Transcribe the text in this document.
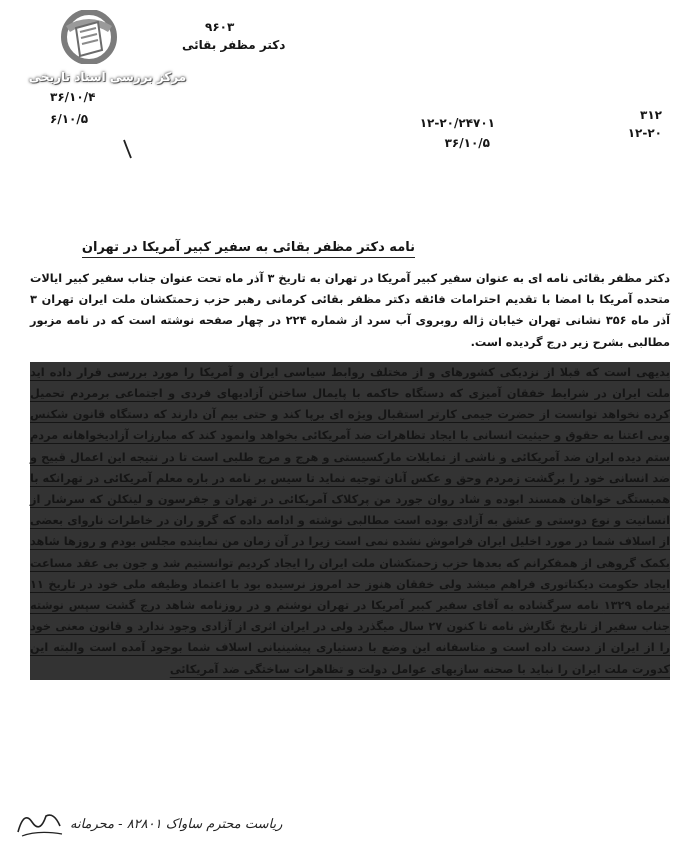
مرکز بررسی اسناد تاریخی
۹۶۰۳
دکتر مظفر بقائی
۳۶/۱۰/۴
۶/۱۰/۵	۳۱۲
۱۲-۲۰
۱۲-۲۰/۲۴۷۰۱
۳۶/۱۰/۵
نامه دکتر مظفر بقائی به سفیر کبیر آمریکا در تهران

دکتر مظفر بقائی نامه ای به عنوان سفیر کبیر آمریکا در تهران به تاریخ ۳ آذر ماه تحت عنوان جناب سفیر کبیر ایالات متحده آمریکا با امضا با تقدیم احترامات فائقه دکتر مظفر بقائی کرمانی رهبر حزب زحمتکشان ملت ایران تهران ۳ آذر ماه ۳۵۶ نشانی تهران خیابان ژاله روبروی آب سرد از شماره ۲۲۴ در چهار صفحه نوشته است که در نامه مزبور مطالبی بشرح زیر درج گردیده است.

بدیهی است که قبلا از نزدیکی کشورهای و از مختلف روابط سیاسی ایران و آمریکا را مورد بررسی قرار داده اید ملت ایران در شرایط خفقان آمیزی که دستگاه حاکمه با پایمال ساختن آزادیهای فردی و اجتماعی برمردم تحمیل کرده نخواهد توانست از حضرت جیمی کارتر استقبال ویژه ای برپا کند و حتی بیم آن دارند که دستگاه قانون شکنس وبی اعتنا به حقوق و حیثیت انسانی با ایجاد تظاهرات ضد آمریکائی بخواهد وانمود کند که مبارزات آزادیخواهانه مردم ستم دیده ایران ضد آمریکائی و ناشی از تمایلات مارکسیستی و هرج و مرج طلبی است تا در نتیجه این اعمال قبیح و ضد انسانی خود را برگشت زمردم وحق و عکس آنان توجیه نماید تا سیس بر نامه در باره معلم آمریکائی در تهرانکه با همبستگی خواهان همسند ابوده و شاد روان جورد من پرکلاک آمریکائی در تهران و جفرسون و لینکلن که سرشار از انسانیت و نوع دوستی و عشق به آزادی بوده است مطالبی نوشته و ادامه داده که گرو ران در خاطرات ناروای بعضی از اسلاف شما در مورد اخلیل ایران فراموش نشده نمی است زیرا در آن زمان من نماینده مجلس بودم و روزها شاهد بکمک گروهی از همفکرانم که بعدها حزب زحمتکشان ملت ایران را ایجاد کردیم توانستیم شد و جون بی عقد مساعت ایجاد حکومت دیکتاتوری فراهم میشد ولی خفقان هنوز حد امروز نرسیده بود با اعتماد وظیفه ملی خود در تاریخ ۱۱ تیرماه ۱۳۲۹ نامه سرگشاده به آقای سفیر کبیر آمریکا در تهران نوشتم و در روزنامه شاهد درج گشت سپس نوشته جناب سفیر از تاریخ نگارش نامه تا کنون ۲۷ سال میگذرد ولی در ایران اثری از آزادی وجود ندارد و قانون معنی خود را از ایران از دست داده است و متاسفانه این وضع با دستیاری پیشینیانی اسلاف شما بوجود آمده است والبته این کدورت ملت ایران را نباید با صحنه سازیهای عوامل دولت و تظاهرات ساختگی ضد آمریکائی

ریاست محترم ساواک ۸۲۸۰۱ - محرمانه
